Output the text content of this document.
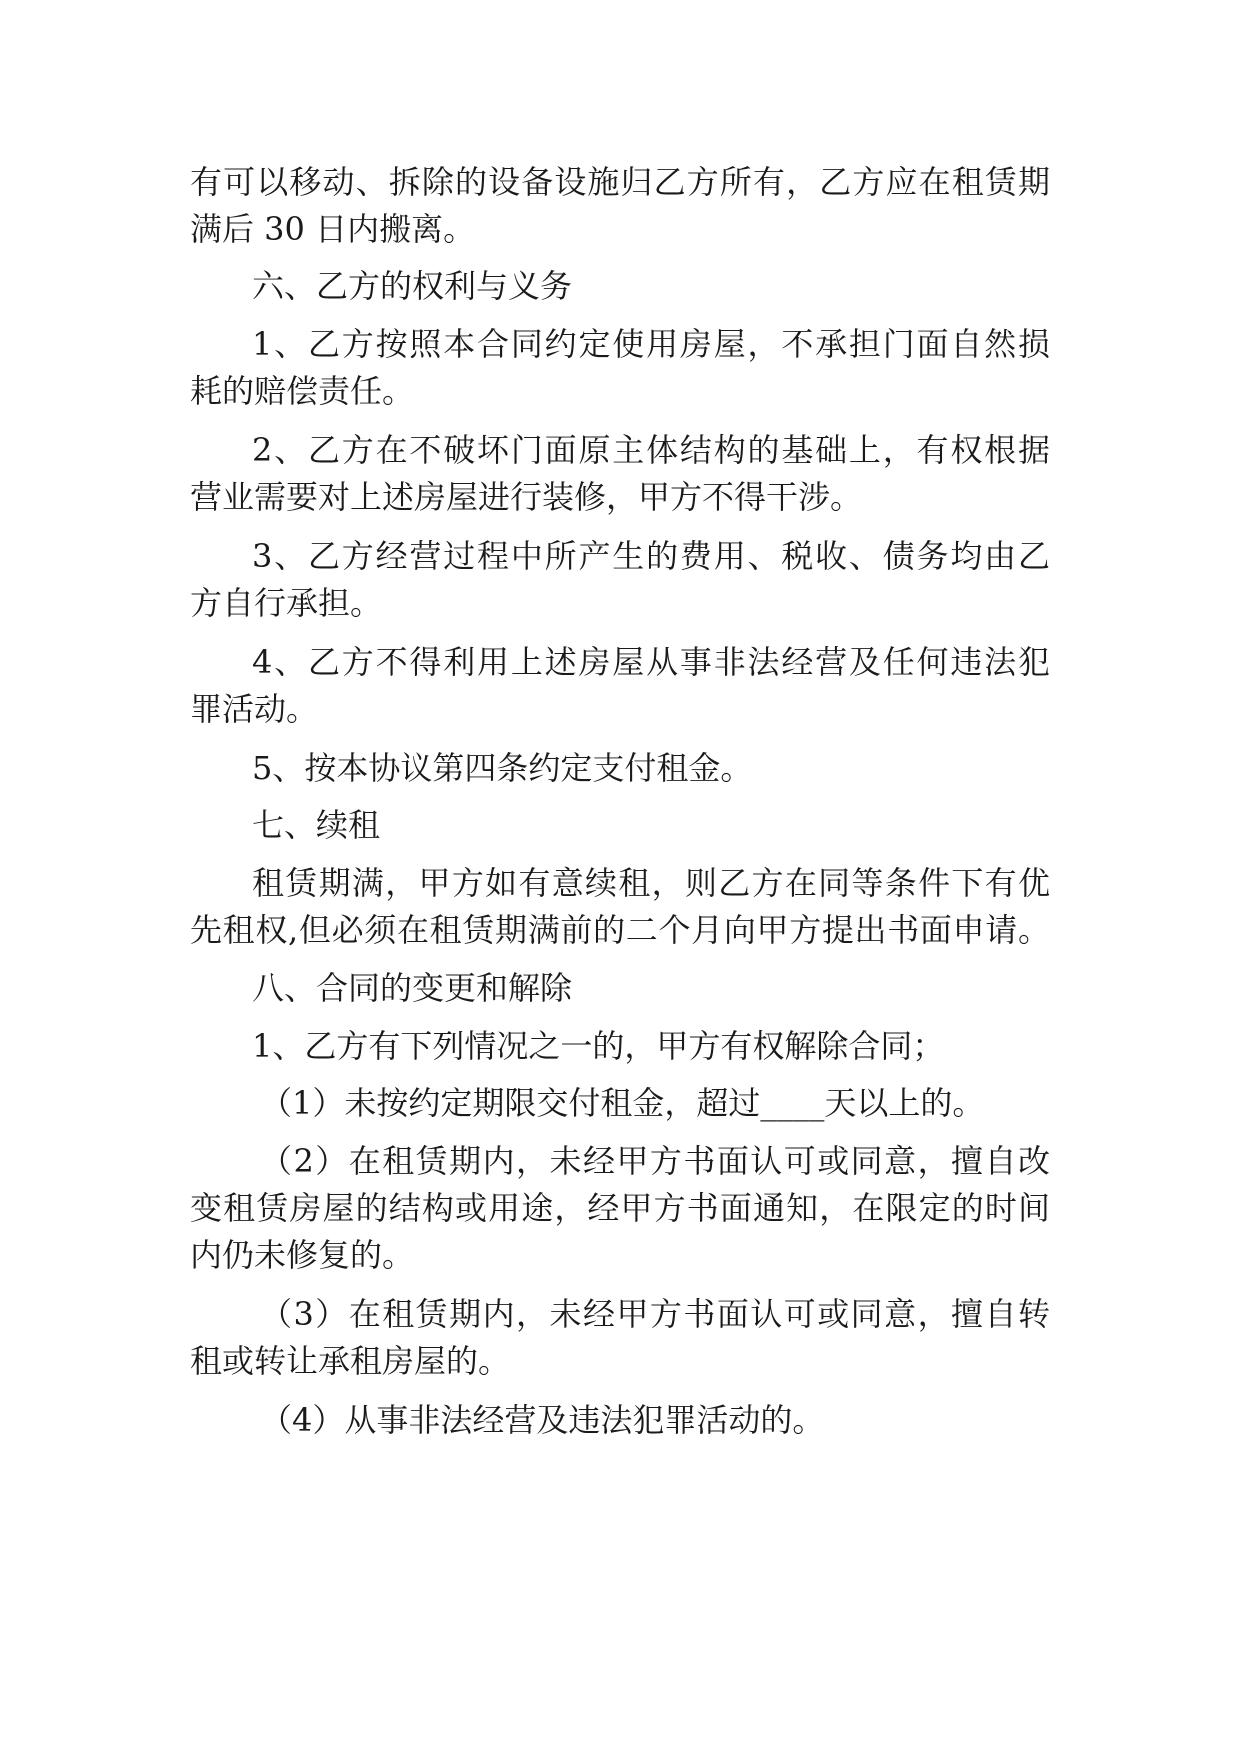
有可以移动、拆除的设备设施归乙方所有，乙方应在租赁期
满后 30 日内搬离。
六、乙方的权利与义务
1、乙方按照本合同约定使用房屋，不承担门面自然损
耗的赔偿责任。
2、乙方在不破坏门面原主体结构的基础上，有权根据
营业需要对上述房屋进行装修，甲方不得干涉。
3、乙方经营过程中所产生的费用、税收、债务均由乙
方自行承担。
4、乙方不得利用上述房屋从事非法经营及任何违法犯
罪活动。
5、按本协议第四条约定支付租金。
七、续租
租赁期满，甲方如有意续租，则乙方在同等条件下有优
先租权,但必须在租赁期满前的二个月向甲方提出书面申请。
八、合同的变更和解除
1、乙方有下列情况之一的，甲方有权解除合同；
（1）未按约定期限交付租金，超过____天以上的。
（2）在租赁期内，未经甲方书面认可或同意，擅自改
变租赁房屋的结构或用途，经甲方书面通知，在限定的时间
内仍未修复的。
（3）在租赁期内，未经甲方书面认可或同意，擅自转
租或转让承租房屋的。
（4）从事非法经营及违法犯罪活动的。
